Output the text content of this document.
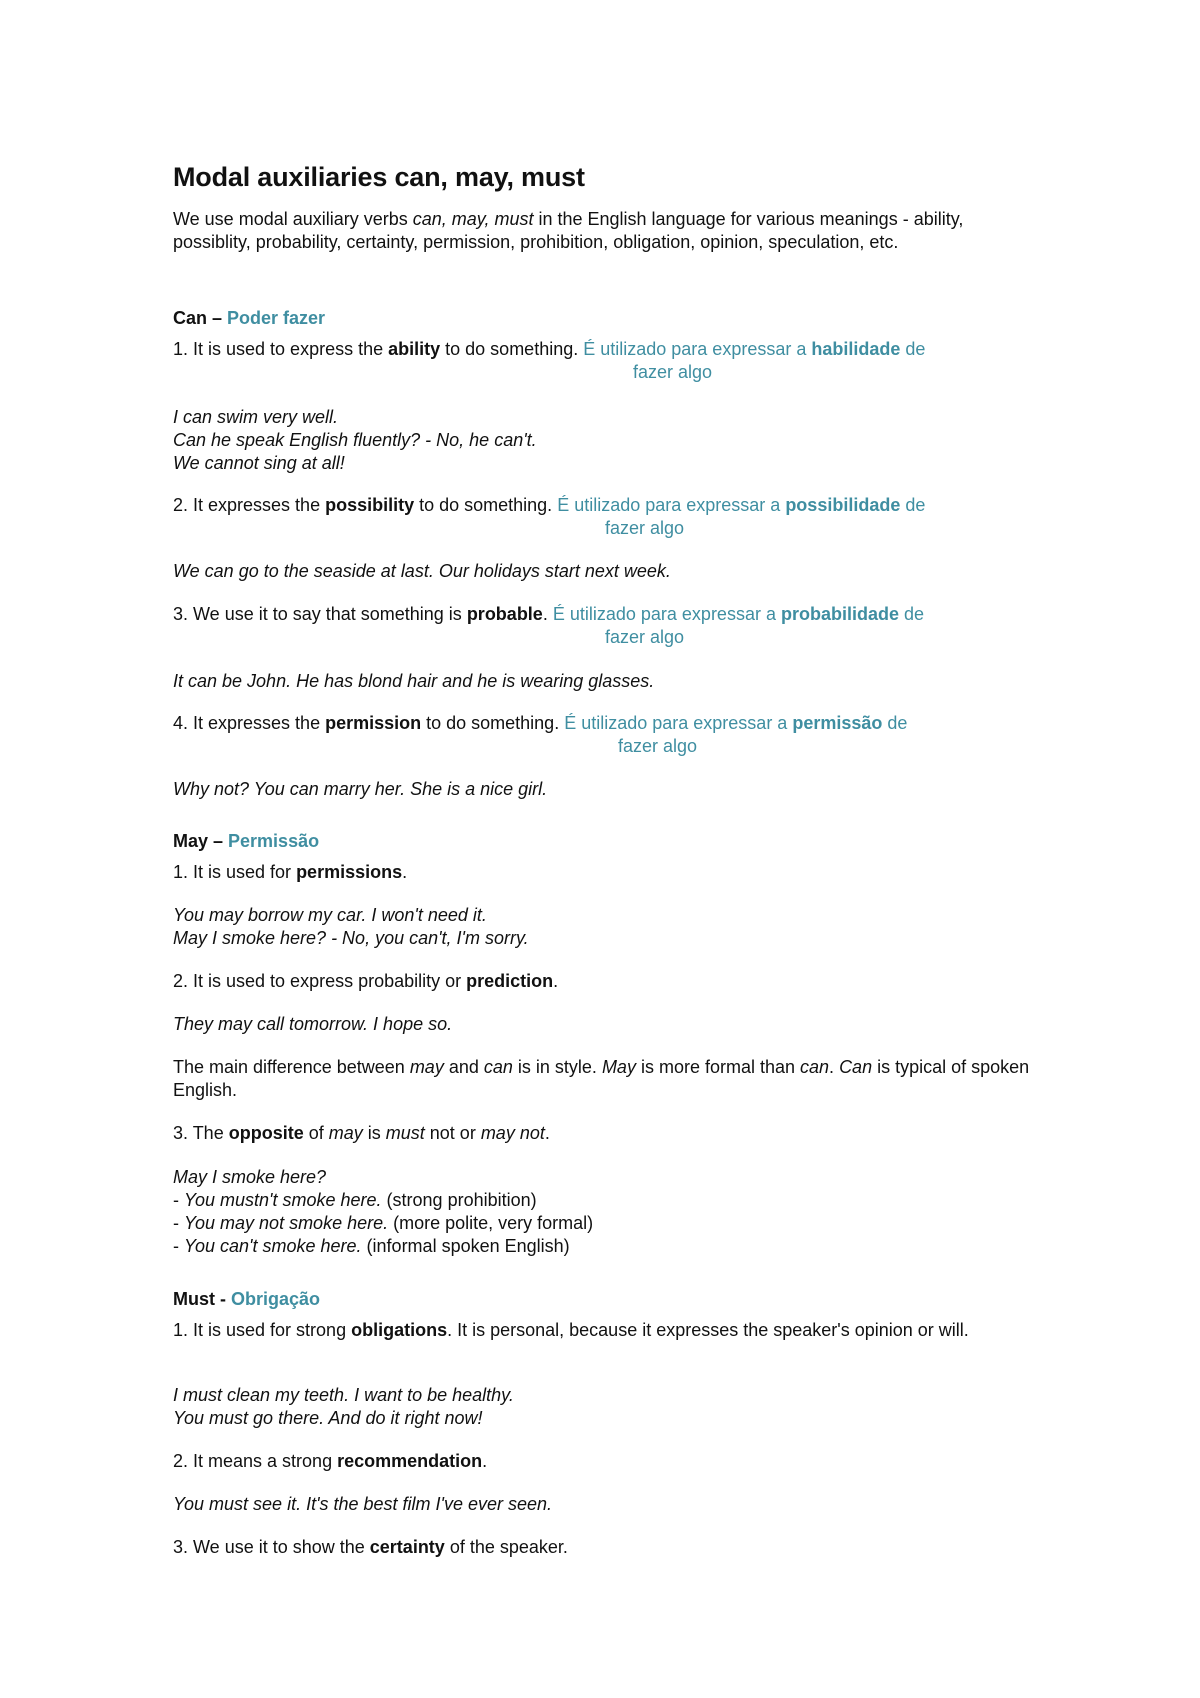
Modal auxiliaries can, may, must

We use modal auxiliary verbs can, may, must in the English language for various meanings - ability, possiblity, probability, certainty, permission, prohibition, obligation, opinion, speculation, etc.

Can – Poder fazer

1. It is used to express the ability to do something. É utilizado para expressar a habilidade de

fazer algo

I can swim very well.
Can he speak English fluently? - No, he can't.
We cannot sing at all!

2. It expresses the possibility to do something. É utilizado para expressar a possibilidade de

fazer algo

We can go to the seaside at last. Our holidays start next week.

3. We use it to say that something is probable. É utilizado para expressar a probabilidade de

fazer algo

It can be John. He has blond hair and he is wearing glasses.

4. It expresses the permission to do something. É utilizado para expressar a permissão de

fazer algo

Why not? You can marry her. She is a nice girl.

May – Permissão

1. It is used for permissions.

You may borrow my car. I won't need it.
May I smoke here? - No, you can't, I'm sorry.

2. It is used to express probability or prediction.

They may call tomorrow. I hope so.

The main difference between may and can is in style. May is more formal than can. Can is typical of spoken English.

3. The opposite of may is must not or may not.

May I smoke here?
- You mustn't smoke here. (strong prohibition)
- You may not smoke here. (more polite, very formal)
- You can't smoke here. (informal spoken English)

Must - Obrigação

1. It is used for strong obligations. It is personal, because it expresses the speaker's opinion or will.

I must clean my teeth. I want to be healthy.
You must go there. And do it right now!

2. It means a strong recommendation.

You must see it. It's the best film I've ever seen.

3. We use it to show the certainty of the speaker.
